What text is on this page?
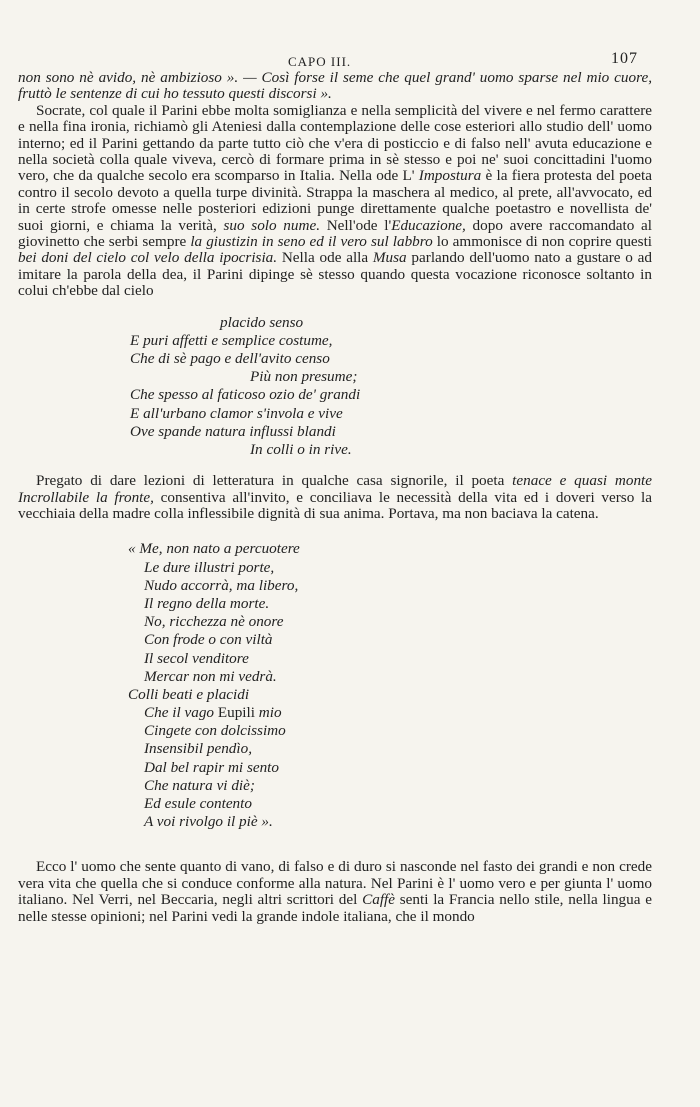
CAPO III.	107

non sono nè avido, nè ambizioso ». — Così forse il seme che quel grand' uomo sparse nel mio cuore, fruttò le sentenze di cui ho tessuto questi discorsi ».

Socrate, col quale il Parini ebbe molta somiglianza e nella semplicità del vivere e nel fermo carattere e nella fina ironia, richiamò gli Ateniesi dalla contemplazione delle cose esteriori allo studio dell' uomo interno; ed il Parini gettando da parte tutto ciò che v'era di posticcio e di falso nell' avuta educazione e nella società colla quale viveva, cercò di formare prima in sè stesso e poi ne' suoi concittadini l'uomo vero, che da qualche secolo era scomparso in Italia. Nella ode L' Impostura è la fiera protesta del poeta contro il secolo devoto a quella turpe divinità. Strappa la maschera al medico, al prete, all'avvocato, ed in certe strofe omesse nelle posteriori edizioni punge direttamente qualche poetastro e novellista de' suoi giorni, e chiama la verità, suo solo nume. Nell'ode l'Educazione, dopo avere raccomandato al giovinetto che serbi sempre la giustizin in seno ed il vero sul labbro lo ammonisce di non coprire questi bei doni del cielo col velo della ipocrisia. Nella ode alla Musa parlando dell'uomo nato a gustare o ad imitare la parola della dea, il Parini dipinge sè stesso quando questa vocazione riconosce soltanto in colui ch'ebbe dal cielo

placido senso
E puri affetti e semplice costume,
Che di sè pago e dell'avito censo
Più non presume;
Che spesso al faticoso ozio de' grandi
E all'urbano clamor s'invola e vive
Ove spande natura influssi blandi
In colli o in rive.

Pregato di dare lezioni di letteratura in qualche casa signorile, il poeta tenace e quasi monte Incrollabile la fronte, consentiva all'invito, e conciliava le necessità della vita ed i doveri verso la vecchiaia della madre colla inflessibile dignità di sua anima. Portava, ma non baciava la catena.

« Me, non nato a percuotere
Le dure illustri porte,
Nudo accorrà, ma libero,
Il regno della morte.
No, ricchezza nè onore
Con frode o con viltà
Il secol venditore
Mercar non mi vedrà.
Colli beati e placidi
Che il vago Eupili mio
Cingete con dolcissimo
Insensibil pendìo,
Dal bel rapir mi sento
Che natura vi diè;
Ed esule contento
A voi rivolgo il piè ».

Ecco l' uomo che sente quanto di vano, di falso e di duro si nasconde nel fasto dei grandi e non crede vera vita che quella che si conduce conforme alla natura. Nel Parini è l' uomo vero e per giunta l' uomo italiano. Nel Verri, nel Beccaria, negli altri scrittori del Caffè senti la Francia nello stile, nella lingua e nelle stesse opinioni; nel Parini vedi la grande indole italiana, che il mondo
